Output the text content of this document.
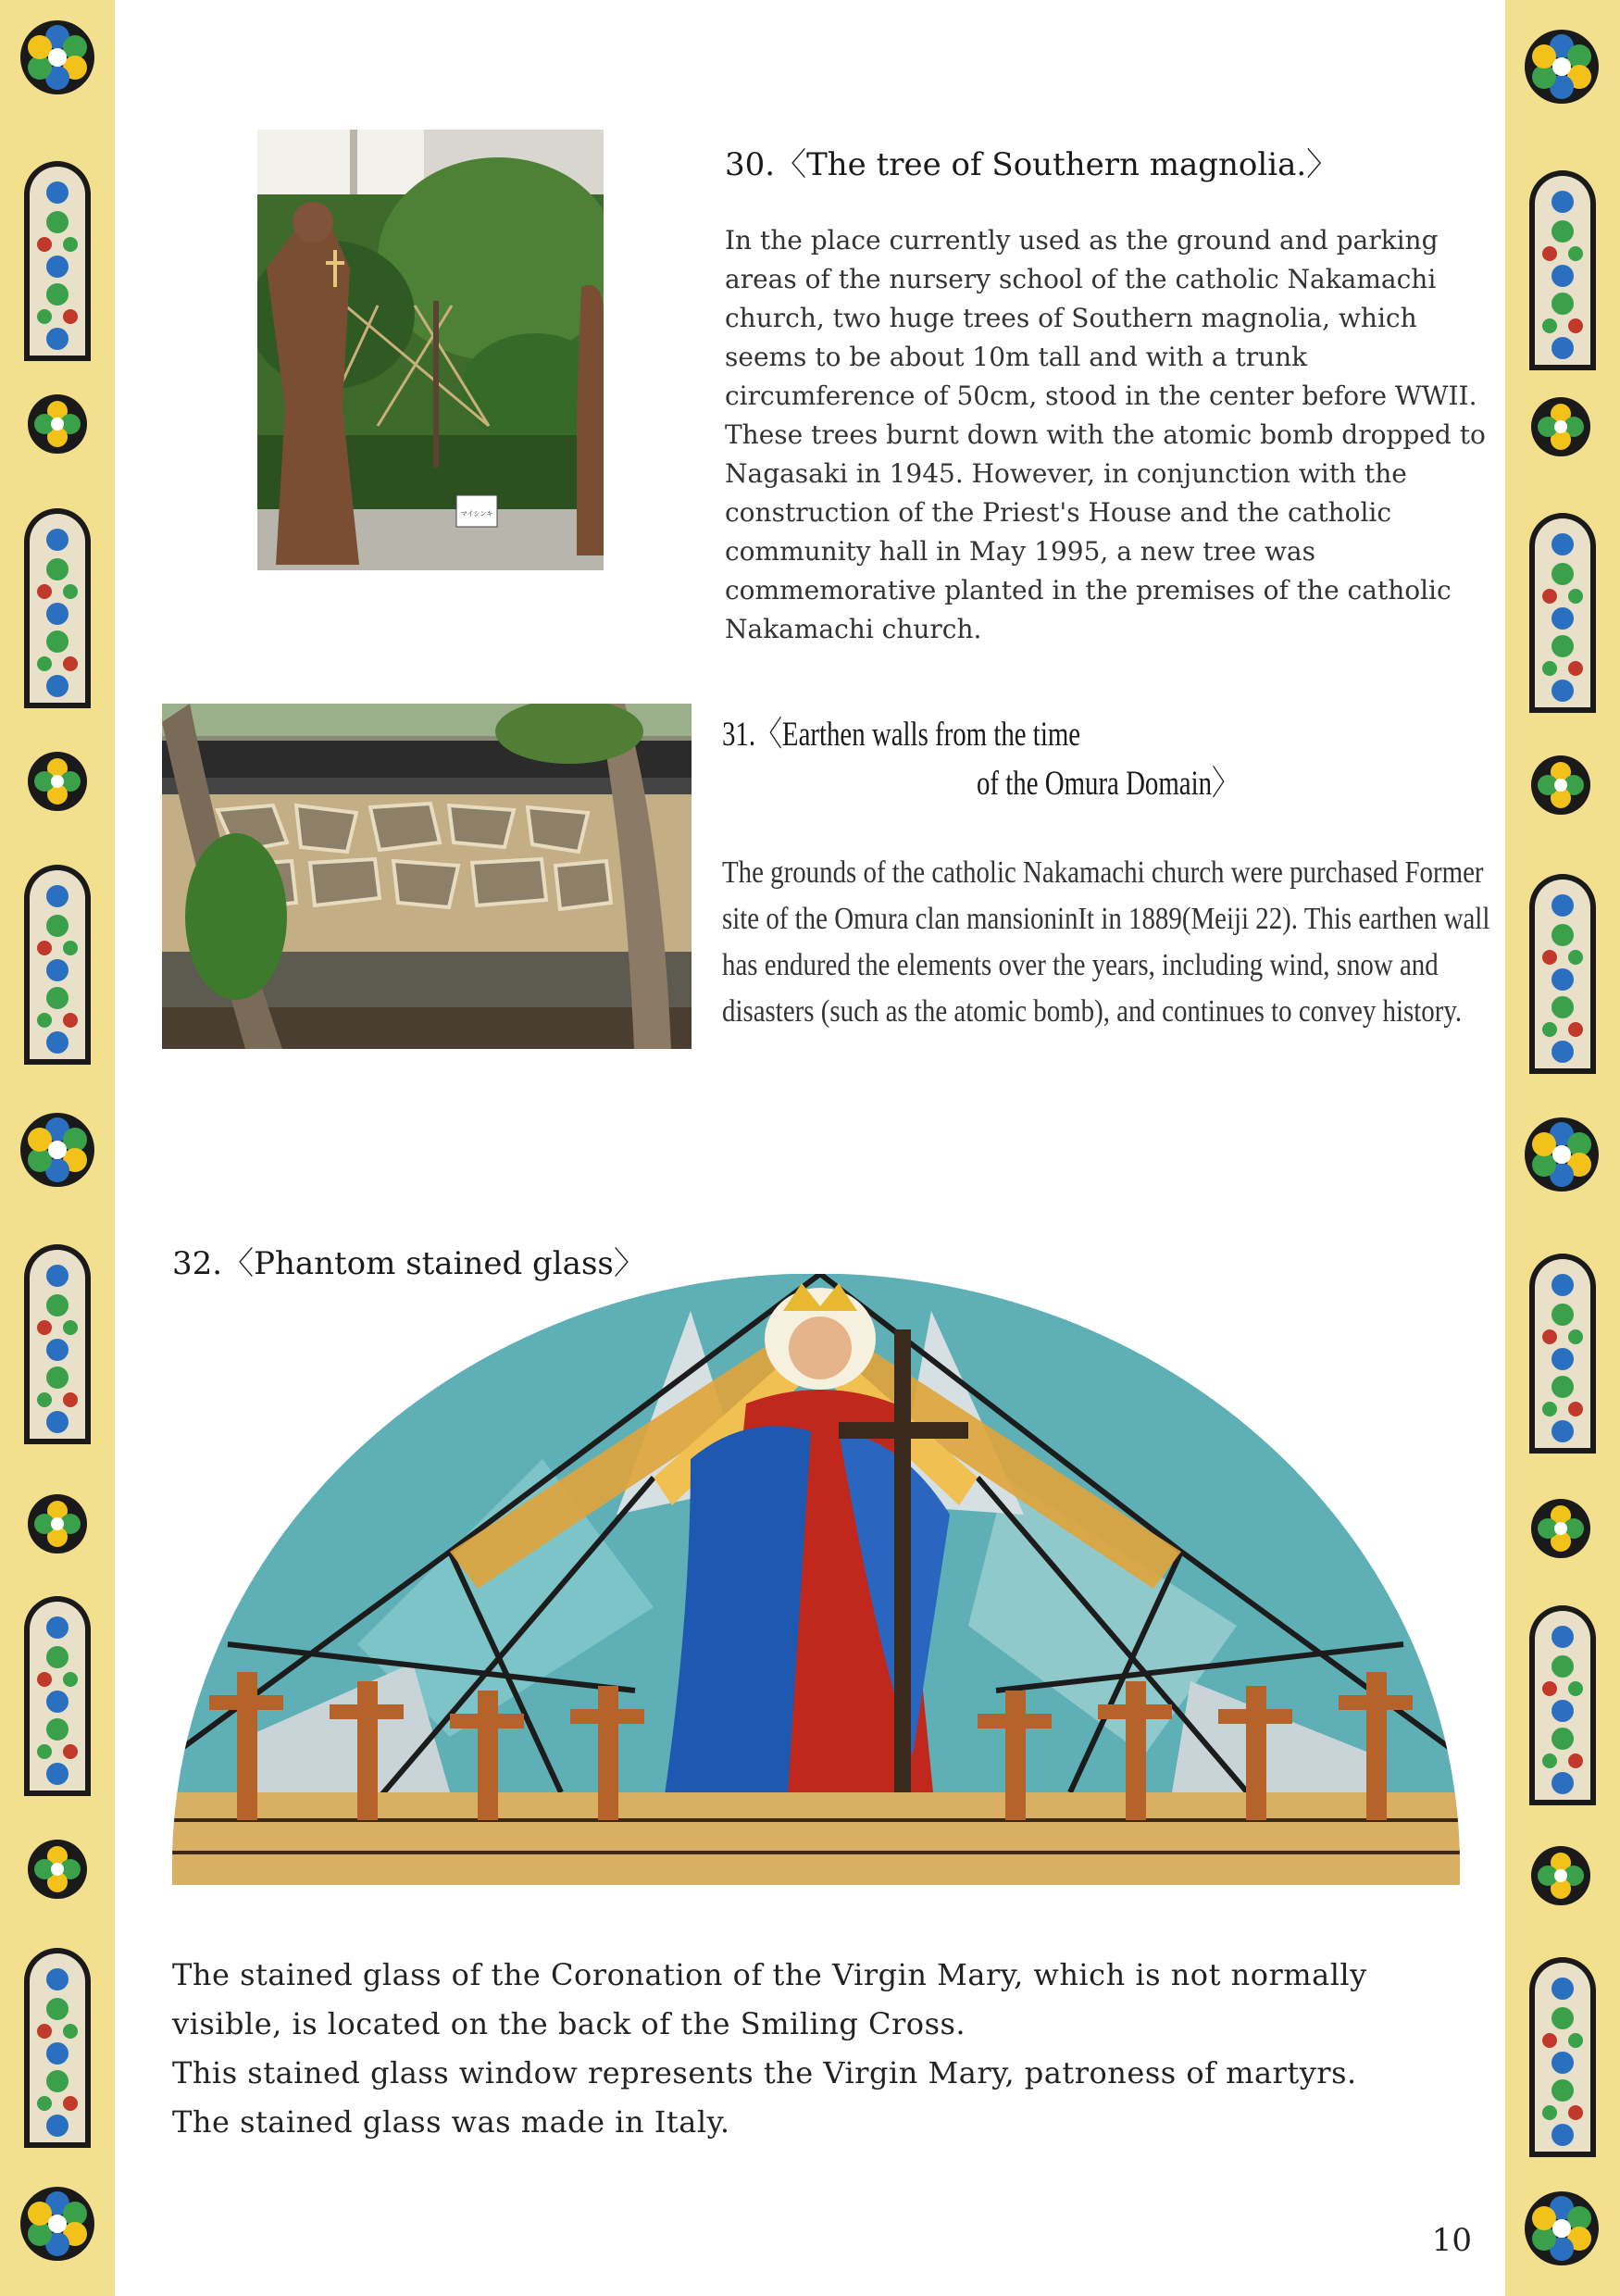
マイシンキ
30.〈The tree of Southern magnolia.〉

In the place currently used as the ground and parking areas of the nursery school of the catholic Nakamachi church, two huge trees of Southern magnolia, which seems to be about 10m tall and with a trunk circumference of 50cm, stood in the center before WWII.

These trees burnt down with the atomic bomb dropped to Nagasaki in 1945. However, in conjunction with the construction of the Priest's House and the catholic community hall in May 1995, a new tree was commemorative planted in the premises of the catholic Nakamachi church.

31.〈Earthen walls from the time
of the Omura Domain〉

The grounds of the catholic Nakamachi church were purchased Former site of the Omura clan mansioninIt in 1889(Meiji 22). This earthen wall has endured the elements over the years, including wind, snow and disasters (such as the atomic bomb), and continues to convey history.

32.〈Phantom stained glass〉

The stained glass of the Coronation of the Virgin Mary, which is not normally visible, is located on the back of the Smiling Cross.

This stained glass window represents the Virgin Mary, patroness of martyrs.

The stained glass was made in Italy.

10
